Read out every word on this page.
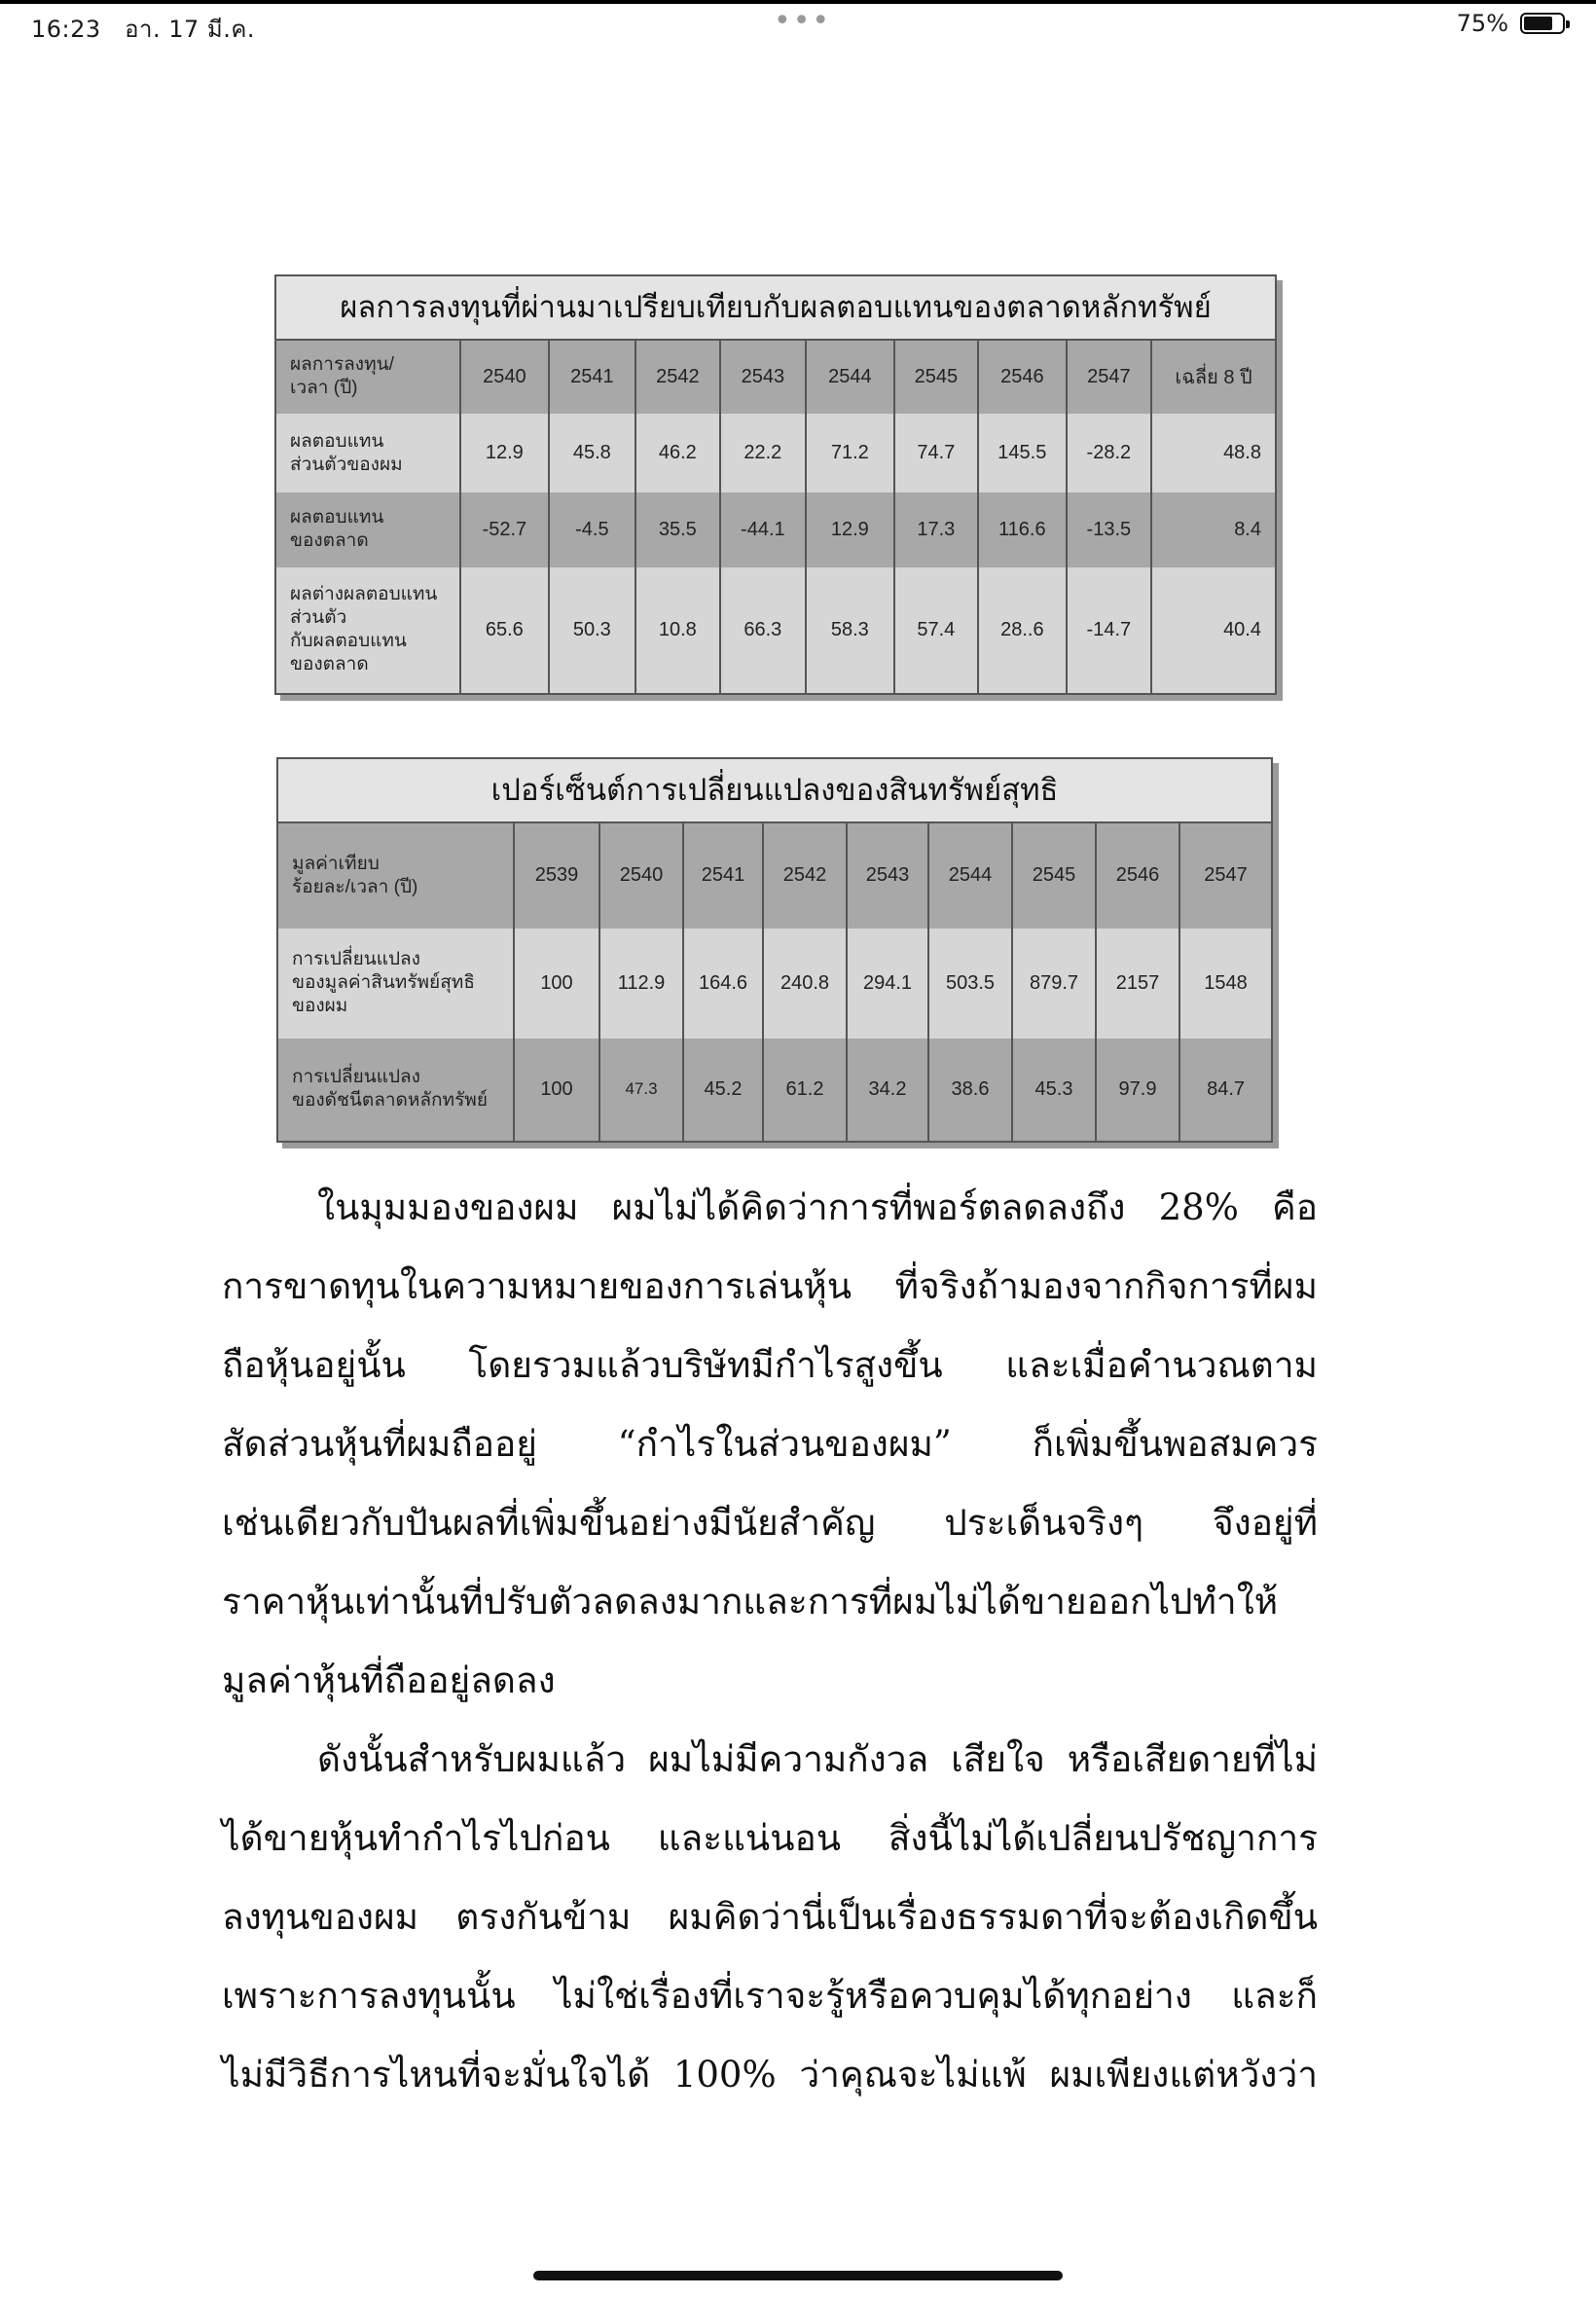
16:23 อา. 17 มี.ค.	•••	75%
ผลการลงทุนที่ผ่านมาเปรียบเทียบกับผลตอบแทนของตลาดหลักทรัพย์									
ผลการลงทุน/
เวลา (ปี)	2540	2541	2542	2543	2544	2545	2546	2547	เฉลี่ย 8 ปี
ผลตอบแทน
ส่วนตัวของผม	12.9	45.8	46.2	22.2	71.2	74.7	145.5	-28.2	48.8
ผลตอบแทน
ของตลาด	-52.7	-4.5	35.5	-44.1	12.9	17.3	116.6	-13.5	8.4
ผลต่างผลตอบแทน
ส่วนตัว
กับผลตอบแทน
ของตลาด	65.6	50.3	10.8	66.3	58.3	57.4	28..6	-14.7	40.4
เปอร์เซ็นต์การเปลี่ยนแปลงของสินทรัพย์สุทธิ									
มูลค่าเทียบ
ร้อยละ/เวลา (ปี)	2539	2540	2541	2542	2543	2544	2545	2546	2547
การเปลี่ยนแปลง
ของมูลค่าสินทรัพย์สุทธิ
ของผม	100	112.9	164.6	240.8	294.1	503.5	879.7	2157	1548
การเปลี่ยนแปลง
ของดัชนีตลาดหลักทรัพย์	100	47.3	45.2	61.2	34.2	38.6	45.3	97.9	84.7
ในมุมมองของผม ผมไม่ได้คิดว่าการที่พอร์ตลดลงถึง 28% คือ
การขาดทุนในความหมายของการเล่นหุ้น ที่จริงถ้ามองจากกิจการที่ผม
ถือหุ้นอยู่นั้น โดยรวมแล้วบริษัทมีกำไรสูงขึ้น และเมื่อคำนวณตาม
สัดส่วนหุ้นที่ผมถืออยู่ “กำไรในส่วนของผม” ก็เพิ่มขึ้นพอสมควร
เช่นเดียวกับปันผลที่เพิ่มขึ้นอย่างมีนัยสำคัญ ประเด็นจริงๆ จึงอยู่ที่
ราคาหุ้นเท่านั้นที่ปรับตัวลดลงมากและการที่ผมไม่ได้ขายออกไปทำให้
มูลค่าหุ้นที่ถืออยู่ลดลง
ดังนั้นสำหรับผมแล้ว ผมไม่มีความกังวล เสียใจ หรือเสียดายที่ไม่
ได้ขายหุ้นทำกำไรไปก่อน และแน่นอน สิ่งนี้ไม่ได้เปลี่ยนปรัชญาการ
ลงทุนของผม ตรงกันข้าม ผมคิดว่านี่เป็นเรื่องธรรมดาที่จะต้องเกิดขึ้น
เพราะการลงทุนนั้น ไม่ใช่เรื่องที่เราจะรู้หรือควบคุมได้ทุกอย่าง และก็
ไม่มีวิธีการไหนที่จะมั่นใจได้ 100% ว่าคุณจะไม่แพ้ ผมเพียงแต่หวังว่า
